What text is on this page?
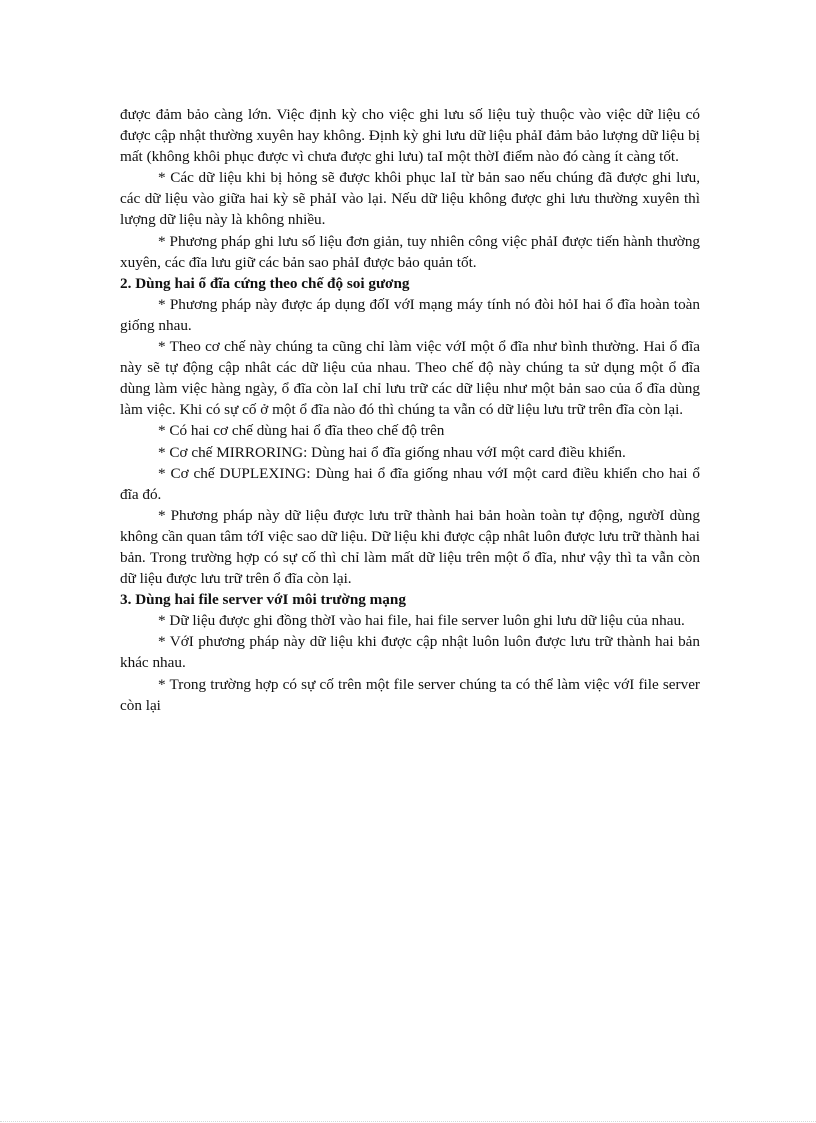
được đảm bảo càng lớn. Việc định kỳ cho việc ghi lưu số liệu tuỳ thuộc vào việc dữ liệu có được cập nhật thường xuyên hay không. Định kỳ ghi lưu dữ liệu phảI đảm bảo lượng dữ liệu bị mất (không khôi phục được vì chưa được ghi lưu) taI một thờI điểm nào đó càng ít càng tốt.

* Các dữ liệu khi bị hỏng sẽ được khôi phục laI từ bản sao nếu chúng đã được ghi lưu, các dữ liệu vào giữa hai kỳ sẽ phảI vào lại. Nếu dữ liệu không được ghi lưu thường xuyên thì lượng dữ liệu này là không nhiều.

* Phương pháp ghi lưu số liệu đơn giản, tuy nhiên công việc phảI được tiến hành thường xuyên, các đĩa lưu giữ các bản sao phảI được bảo quản tốt.

2. Dùng hai ổ đĩa cứng theo chế độ soi gương

* Phương pháp này được áp dụng đốI vớI mạng máy tính nó đòi hỏI hai ổ đĩa hoàn toàn giống nhau.

* Theo cơ chế này chúng ta cũng chỉ làm việc vớI một ổ đĩa như bình thường. Hai ổ đĩa này sẽ tự động cập nhât các dữ liệu của nhau. Theo chế độ này chúng ta sử dụng một ổ đĩa dùng làm việc hàng ngày, ổ đĩa còn laI chỉ lưu trữ các dữ liệu như một bản sao của ổ đĩa dùng làm việc. Khi có sự cố ở một ổ đĩa nào đó thì chúng ta vẫn có dữ liệu lưu trữ trên đĩa còn lại.

* Có hai cơ chế dùng hai ổ đĩa theo chế độ trên

* Cơ chế MIRRORING: Dùng hai ổ đĩa giống nhau vớI một card điều khiển.

* Cơ chế DUPLEXING: Dùng hai ổ đĩa giống nhau vớI một card điều khiển cho hai ổ đĩa đó.

* Phương pháp này dữ liệu được lưu trữ thành hai bản hoàn toàn tự động, ngườI dùng không cần quan tâm tớI việc sao dữ liệu. Dữ liệu khi được cập nhât luôn được lưu trữ thành hai bản. Trong trường hợp có sự cố thì chỉ làm mất dữ liệu trên một ổ đĩa, như vậy thì ta vẫn còn dữ liệu được lưu trữ trên ổ đĩa còn lại.

3. Dùng hai file server vớI môi trường mạng

* Dữ liệu được ghi đồng thờI vào hai file, hai file server luôn ghi lưu dữ liệu của nhau.

* VớI phương pháp này dữ liệu khi được cập nhật luôn luôn được lưu trữ thành hai bản khác nhau.

* Trong trường hợp có sự cố trên một file server chúng ta có thể làm việc vớI file server còn lại
